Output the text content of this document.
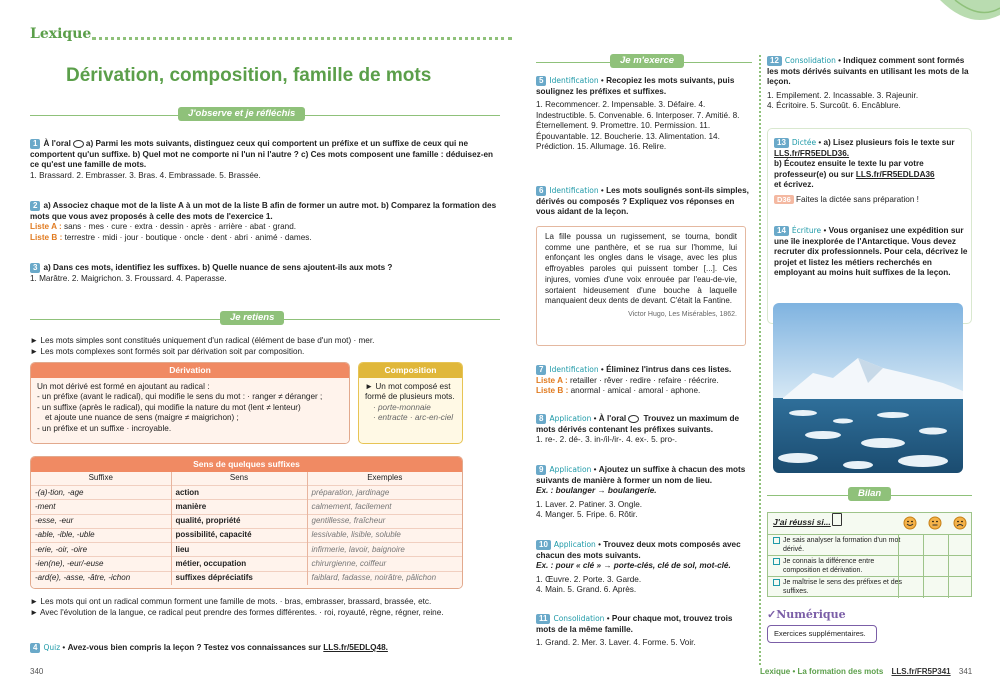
Lexique
Dérivation, composition, famille de mots
J'observe et je réfléchis
1 À l'oral a) Parmi les mots suivants, distinguez ceux qui comportent un préfixe et un suffixe de ceux qui ne comportent qu'un suffixe. b) Quel mot ne comporte ni l'un ni l'autre ? c) Ces mots composent une famille : déduisez-en ce qu'est une famille de mots.
1. Brassard. 2. Embrasser. 3. Bras. 4. Embrassade. 5. Brassée.
2 a) Associez chaque mot de la liste A à un mot de la liste B afin de former un autre mot. b) Comparez la formation des mots que vous avez proposés à celle des mots de l'exercice 1.
Liste A : sans · mes · cure · extra · dessin · après · arrière · abat · grand.
Liste B : terrestre · midi · jour · boutique · oncle · dent · abri · animé · dames.
3 a) Dans ces mots, identifiez les suffixes. b) Quelle nuance de sens ajoutent-ils aux mots ?
1. Marâtre. 2. Maigrichon. 3. Froussard. 4. Paperasse.
Je retiens
► Les mots simples sont constitués uniquement d'un radical (élément de base d'un mot) · mer.
► Les mots complexes sont formés soit par dérivation soit par composition.
Dérivation
Un mot dérivé est formé en ajoutant au radical :
- un préfixe (avant le radical), qui modifie le sens du mot : · ranger ≠ déranger ;
- un suffixe (après le radical), qui modifie la nature du mot (lent ≠ lenteur)
et ajoute une nuance de sens (maigre ≠ maigrichon) ;
- un préfixe et un suffixe · incroyable.
Composition
► Un mot composé est formé de plusieurs mots.
· porte-monnaie
· entracte · arc-en-ciel
Sens de quelques suffixes
Suffixe	Sens	Exemples
-(a)-tion, -age	action	préparation, jardinage
-ment	manière	calmement, facilement
-esse, -eur	qualité, propriété	gentillesse, fraîcheur
-able, -ible, -uble	possibilité, capacité	lessivable, lisible, soluble
-erie, -oir, -oire	lieu	infirmerie, lavoir, baignoire
-ien(ne), -eur/-euse	métier, occupation	chirurgienne, coiffeur
-ard(e), -asse, -âtre, -ichon	suffixes dépréciatifs	faiblard, fadasse, noirâtre, pâlichon
► Les mots qui ont un radical commun forment une famille de mots. · bras, embrasser, brassard, brassée, etc.
► Avec l'évolution de la langue, ce radical peut prendre des formes différentes. · roi, royauté, règne, régner, reine.
4 Quiz • Avez-vous bien compris la leçon ? Testez vos connaissances sur LLS.fr/5EDLQ48.
340
Je m'exerce
5 Identification • Recopiez les mots suivants, puis soulignez les préfixes et suffixes.
1. Recommencer. 2. Impensable. 3. Défaire. 4. Indestructible. 5. Convenable. 6. Interposer. 7. Amitié. 8. Éternellement. 9. Promettre. 10. Permission. 11. Épouvantable. 12. Boucherie. 13. Alimentation. 14. Prédiction. 15. Allumage. 16. Relire.
6 Identification • Les mots soulignés sont-ils simples, dérivés ou composés ? Expliquez vos réponses en vous aidant de la leçon.
La fille poussa un rugissement, se tourna, bondit comme une panthère, et se rua sur l'homme, lui enfonçant les ongles dans le visage, avec les plus effroyables paroles qui puissent tomber [...]. Ces injures, vomies d'une voix enrouée par l'eau-de-vie, sortaient hideusement d'une bouche à laquelle manquaient deux dents de devant. C'était la Fantine.
Victor Hugo, Les Misérables, 1862.
7 Identification • Éliminez l'intrus dans ces listes.
Liste A : retailler · rêver · redire · refaire · réécrire.
Liste B : anormal · amical · amoral · aphone.
8 Application • À l'oral Trouvez un maximum de mots dérivés contenant les préfixes suivants.
1. re-. 2. dé-. 3. in-/il-/ir-. 4. ex-. 5. pro-.
9 Application • Ajoutez un suffixe à chacun des mots suivants de manière à former un nom de lieu.
Ex. : boulanger → boulangerie.
1. Laver. 2. Patiner. 3. Ongle.
4. Manger. 5. Fripe. 6. Rôtir.
10 Application • Trouvez deux mots composés avec chacun des mots suivants.
Ex. : pour « clé » → porte-clés, clé de sol, mot-clé.
1. Œuvre. 2. Porte. 3. Garde.
4. Main. 5. Grand. 6. Après.
11 Consolidation • Pour chaque mot, trouvez trois mots de la même famille.
1. Grand. 2. Mer. 3. Laver. 4. Forme. 5. Voir.
12 Consolidation • Indiquez comment sont formés les mots dérivés suivants en utilisant les mots de la leçon.
1. Empilement. 2. Incassable. 3. Rajeunir.
4. Écritoire. 5. Surcoût. 6. Encâblure.
13 Dictée • a) Lisez plusieurs fois le texte sur LLS.fr/FR5EDLD36.
b) Écoutez ensuite le texte lu par votre professeur(e) ou sur LLS.fr/FR5EDLDA36
et écrivez.
D36 Faites la dictée sans préparation !
14 Écriture • Vous organisez une expédition sur une île inexplorée de l'Antarctique. Vous devez recruter dix professionnels. Pour cela, décrivez le projet et listez les métiers recherchés en employant au moins huit suffixes de la leçon.
Bilan
J'ai réussi si...
Je sais analyser la formation d'un mot dérivé.
Je connais la différence entre composition et dérivation.
Je maîtrise le sens des préfixes et des suffixes.
✓Numérique
Exercices supplémentaires.
Lexique • La formation des mots LLS.fr/FR5P341 341
